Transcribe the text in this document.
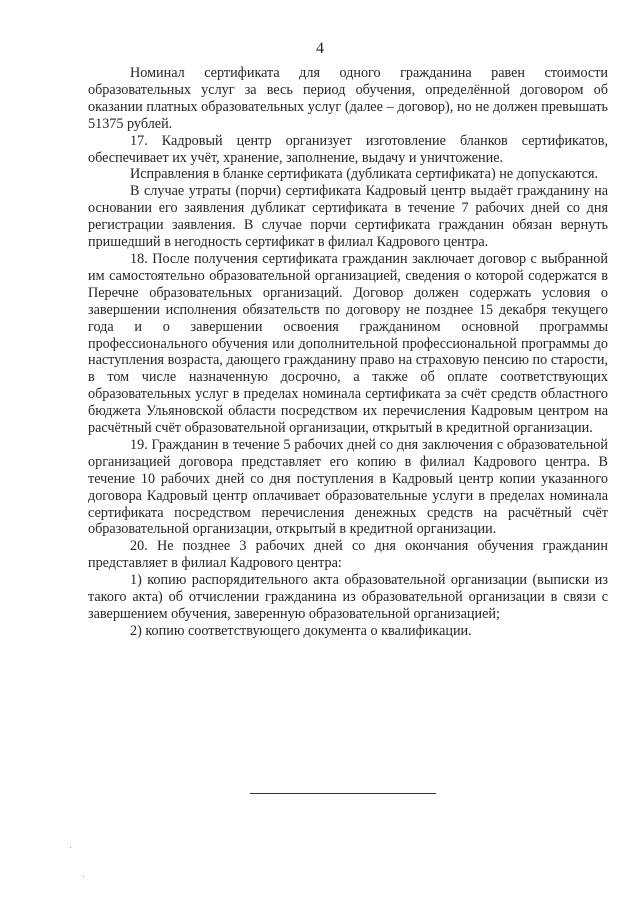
4

Номинал сертификата для одного гражданина равен стоимости образовательных услуг за весь период обучения, определённой договором об оказании платных образовательных услуг (далее – договор), но не должен превышать 51375 рублей.

17. Кадровый центр организует изготовление бланков сертификатов, обеспечивает их учёт, хранение, заполнение, выдачу и уничтожение.

Исправления в бланке сертификата (дубликата сертификата) не допускаются.

В случае утраты (порчи) сертификата Кадровый центр выдаёт гражданину на основании его заявления дубликат сертификата в течение 7 рабочих дней со дня регистрации заявления. В случае порчи сертификата гражданин обязан вернуть пришедший в негодность сертификат в филиал Кадрового центра.

18. После получения сертификата гражданин заключает договор с выбранной им самостоятельно образовательной организацией, сведения о которой содержатся в Перечне образовательных организаций. Договор должен содержать условия о завершении исполнения обязательств по договору не позднее 15 декабря текущего года и о завершении освоения гражданином основной программы профессионального обучения или дополнительной профессиональной программы до наступления возраста, дающего гражданину право на страховую пенсию по старости, в том числе назначенную досрочно, а также об оплате соответствующих образовательных услуг в пределах номинала сертификата за счёт средств областного бюджета Ульяновской области посредством их перечисления Кадровым центром на расчётный счёт образовательной организации, открытый в кредитной организации.

19. Гражданин в течение 5 рабочих дней со дня заключения с образовательной организацией договора представляет его копию в филиал Кадрового центра. В течение 10 рабочих дней со дня поступления в Кадровый центр копии указанного договора Кадровый центр оплачивает образовательные услуги в пределах номинала сертификата посредством перечисления денежных средств на расчётный счёт образовательной организации, открытый в кредитной организации.

20. Не позднее 3 рабочих дней со дня окончания обучения гражданин представляет в филиал Кадрового центра:

1) копию распорядительного акта образовательной организации (выписки из такого акта) об отчислении гражданина из образовательной организации в связи с завершением обучения, заверенную образовательной организацией;

2) копию соответствующего документа о квалификации.
